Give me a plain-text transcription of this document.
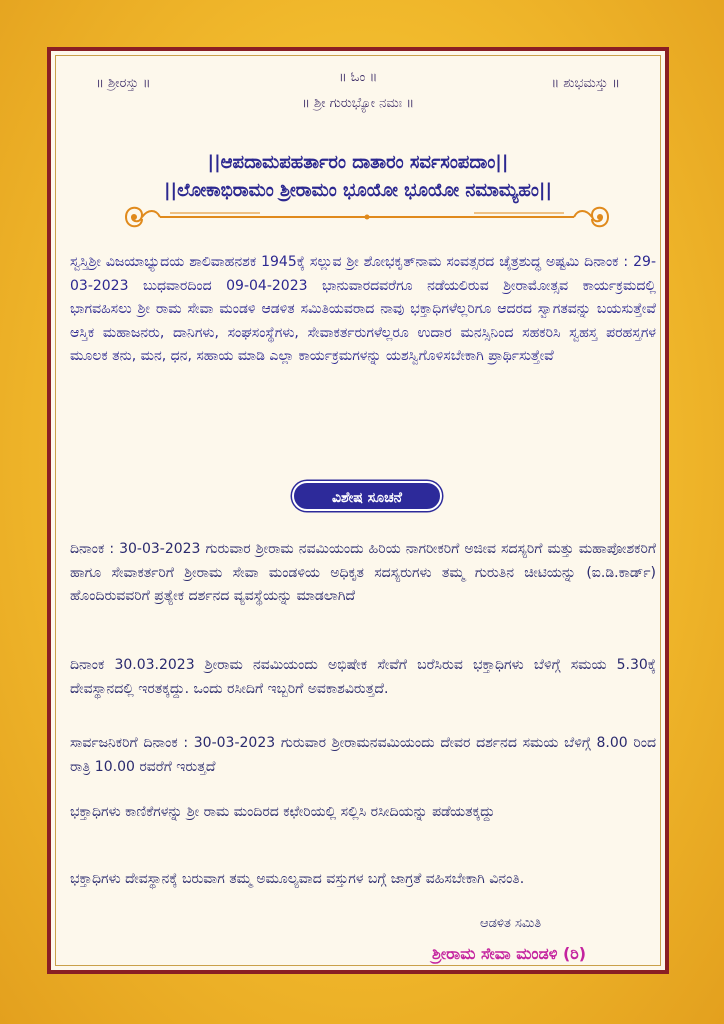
॥ ಶ್ರೀರಸ್ತು ॥	॥ ಓಂ ॥	॥ ಶುಭಮಸ್ತು ॥
॥ ಶ್ರೀ ಗುರುಭ್ಯೋ ನಮಃ ॥
||ಆಪದಾಮಪಹರ್ತಾರಂ ದಾತಾರಂ ಸರ್ವಸಂಪದಾಂ||
||ಲೋಕಾಭಿರಾಮಂ ಶ್ರೀರಾಮಂ ಭೂಯೋ ಭೂಯೋ ನಮಾಮ್ಯಹಂ||
ಸ್ವಸ್ತಿಶ್ರೀ ವಿಜಯಾಭ್ಯುದಯ ಶಾಲಿವಾಹನಶಕ 1945ಕ್ಕೆ ಸಲ್ಲುವ ಶ್ರೀ ಶೋಭಕೃತ್‌ನಾಮ ಸಂವತ್ಸರದ ಚೈತ್ರಶುದ್ಧ ಅಷ್ಟಮಿ ದಿನಾಂಕ : 29-03-2023 ಬುಧವಾರದಿಂದ 09-04-2023 ಭಾನುವಾರದವರೆಗೂ ನಡೆಯಲಿರುವ ಶ್ರೀರಾಮೋತ್ಸವ ಕಾರ್ಯಕ್ರಮದಲ್ಲಿ ಭಾಗವಹಿಸಲು ಶ್ರೀ ರಾಮ ಸೇವಾ ಮಂಡಳಿ ಆಡಳಿತ ಸಮಿತಿಯವರಾದ ನಾವು ಭಕ್ತಾಧಿಗಳೆಲ್ಲರಿಗೂ ಆದರದ ಸ್ವಾಗತವನ್ನು ಬಯಸುತ್ತೇವೆ ಆಸ್ತಿಕ ಮಹಾಜನರು, ದಾನಿಗಳು, ಸಂಘಸಂಸ್ಥೆಗಳು, ಸೇವಾಕರ್ತರುಗಳೆಲ್ಲರೂ ಉದಾರ ಮನಸ್ಸಿನಿಂದ ಸಹಕರಿಸಿ ಸ್ವಹಸ್ತ ಪರಹಸ್ತಗಳ ಮೂಲಕ ತನು, ಮನ, ಧನ, ಸಹಾಯ ಮಾಡಿ ಎಲ್ಲಾ ಕಾರ್ಯಕ್ರಮಗಳನ್ನು ಯಶಸ್ವಿಗೊಳಿಸಬೇಕಾಗಿ ಪ್ರಾರ್ಥಿಸುತ್ತೇವೆ
ವಿಶೇಷ ಸೂಚನೆ
ದಿನಾಂಕ : 30-03-2023 ಗುರುವಾರ ಶ್ರೀರಾಮ ನವಮಿಯಂದು ಹಿರಿಯ ನಾಗರೀಕರಿಗೆ ಅಜೀವ ಸದಸ್ಯರಿಗೆ ಮತ್ತು ಮಹಾಪೋಶಕರಿಗೆ ಹಾಗೂ ಸೇವಾಕರ್ತರಿಗೆ ಶ್ರೀರಾಮ ಸೇವಾ ಮಂಡಳಿಯ ಅಧಿಕೃತ ಸದಸ್ಯರುಗಳು ತಮ್ಮ ಗುರುತಿನ ಚೀಟಿಯನ್ನು (ಐ.ಡಿ.ಕಾರ್ಡ್) ಹೊಂದಿರುವವರಿಗೆ ಪ್ರತ್ಯೇಕ ದರ್ಶನದ ವ್ಯವಸ್ಥೆಯನ್ನು ಮಾಡಲಾಗಿದೆ
ದಿನಾಂಕ 30.03.2023 ಶ್ರೀರಾಮ ನವಮಿಯಂದು ಅಭಿಷೇಕ ಸೇವೆಗೆ ಬರೆಸಿರುವ ಭಕ್ತಾಧಿಗಳು ಬೆಳಿಗ್ಗೆ ಸಮಯ 5.30ಕ್ಕೆ ದೇವಸ್ಥಾನದಲ್ಲಿ ಇರತಕ್ಕದ್ದು. ಒಂದು ರಸೀದಿಗೆ ಇಬ್ಬರಿಗೆ ಅವಕಾಶವಿರುತ್ತದೆ.
ಸಾರ್ವಜನಿಕರಿಗೆ ದಿನಾಂಕ : 30-03-2023 ಗುರುವಾರ ಶ್ರೀರಾಮನವಮಿಯಂದು ದೇವರ ದರ್ಶನದ ಸಮಯ ಬೆಳಿಗ್ಗೆ 8.00 ರಿಂದ ರಾತ್ರಿ 10.00 ರವರೆಗೆ ಇರುತ್ತದೆ
ಭಕ್ತಾಧಿಗಳು ಕಾಣಿಕೆಗಳನ್ನು ಶ್ರೀ ರಾಮ ಮಂದಿರದ ಕಛೇರಿಯಲ್ಲಿ ಸಲ್ಲಿಸಿ ರಸೀದಿಯನ್ನು ಪಡೆಯತಕ್ಕದ್ದು
ಭಕ್ತಾಧಿಗಳು ದೇವಸ್ಥಾನಕ್ಕೆ ಬರುವಾಗ ತಮ್ಮ ಅಮೂಲ್ಯವಾದ ವಸ್ತುಗಳ ಬಗ್ಗೆ ಜಾಗ್ರತೆ ವಹಿಸಬೇಕಾಗಿ ವಿನಂತಿ.
ಆಡಳಿತ ಸಮಿತಿ
ಶ್ರೀರಾಮ ಸೇವಾ ಮಂಡಳಿ (ರಿ)
